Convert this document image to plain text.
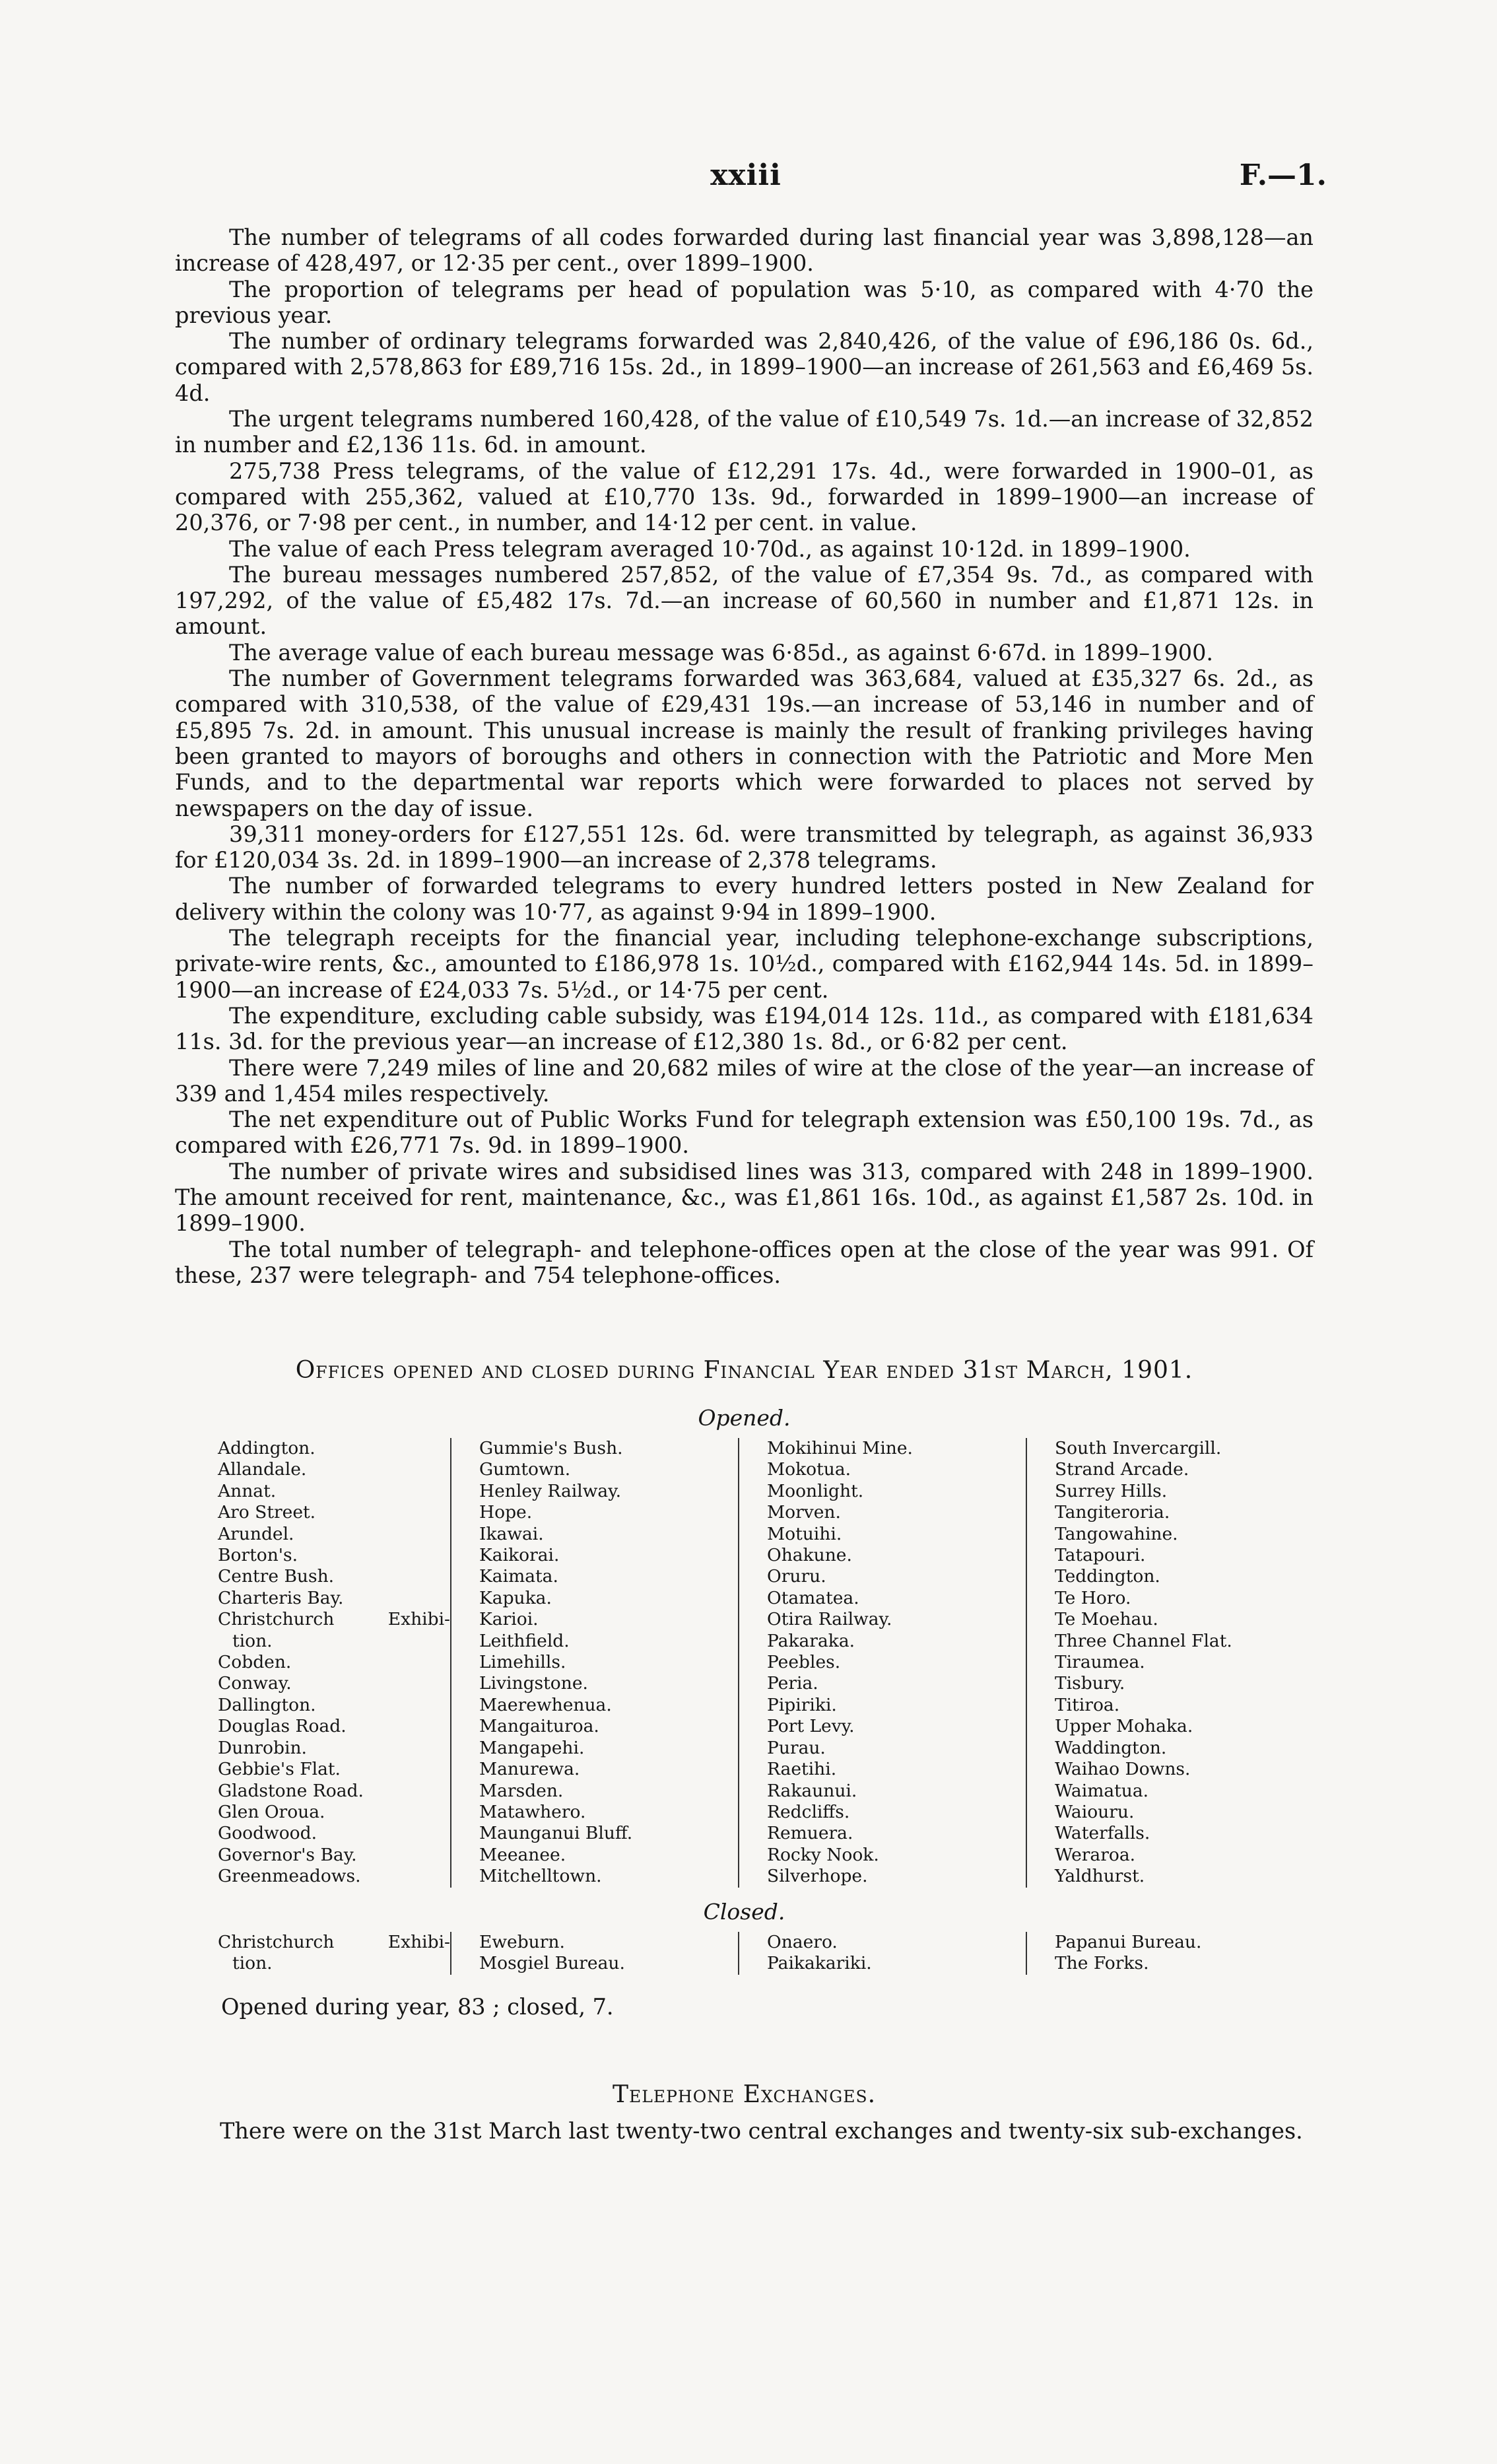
xxiii	F.—1.

The number of telegrams of all codes forwarded during last financial year was 3,898,128—an increase of 428,497, or 12·35 per cent., over 1899–1900.

The proportion of telegrams per head of population was 5·10, as compared with 4·70 the previous year.

The number of ordinary telegrams forwarded was 2,840,426, of the value of £96,186 0s. 6d., compared with 2,578,863 for £89,716 15s. 2d., in 1899–1900—an increase of 261,563 and £6,469 5s. 4d.

The urgent telegrams numbered 160,428, of the value of £10,549 7s. 1d.—an increase of 32,852 in number and £2,136 11s. 6d. in amount.

275,738 Press telegrams, of the value of £12,291 17s. 4d., were forwarded in 1900–01, as compared with 255,362, valued at £10,770 13s. 9d., forwarded in 1899–1900—an increase of 20,376, or 7·98 per cent., in number, and 14·12 per cent. in value.

The value of each Press telegram averaged 10·70d., as against 10·12d. in 1899–1900.

The bureau messages numbered 257,852, of the value of £7,354 9s. 7d., as compared with 197,292, of the value of £5,482 17s. 7d.—an increase of 60,560 in number and £1,871 12s. in amount.

The average value of each bureau message was 6·85d., as against 6·67d. in 1899–1900.

The number of Government telegrams forwarded was 363,684, valued at £35,327 6s. 2d., as compared with 310,538, of the value of £29,431 19s.—an increase of 53,146 in number and of £5,895 7s. 2d. in amount. This unusual increase is mainly the result of franking privileges having been granted to mayors of boroughs and others in connection with the Patriotic and More Men Funds, and to the departmental war reports which were forwarded to places not served by newspapers on the day of issue.

39,311 money-orders for £127,551 12s. 6d. were transmitted by telegraph, as against 36,933 for £120,034 3s. 2d. in 1899–1900—an increase of 2,378 telegrams.

The number of forwarded telegrams to every hundred letters posted in New Zealand for delivery within the colony was 10·77, as against 9·94 in 1899–1900.

The telegraph receipts for the financial year, including telephone-exchange subscriptions, private-wire rents, &c., amounted to £186,978 1s. 10½d., compared with £162,944 14s. 5d. in 1899–1900—an increase of £24,033 7s. 5½d., or 14·75 per cent.

The expenditure, excluding cable subsidy, was £194,014 12s. 11d., as compared with £181,634 11s. 3d. for the previous year—an increase of £12,380 1s. 8d., or 6·82 per cent.

There were 7,249 miles of line and 20,682 miles of wire at the close of the year—an increase of 339 and 1,454 miles respectively.

The net expenditure out of Public Works Fund for telegraph extension was £50,100 19s. 7d., as compared with £26,771 7s. 9d. in 1899–1900.

The number of private wires and subsidised lines was 313, compared with 248 in 1899–1900. The amount received for rent, maintenance, &c., was £1,861 16s. 10d., as against £1,587 2s. 10d. in 1899–1900.

The total number of telegraph- and telephone-offices open at the close of the year was 991. Of these, 237 were telegraph- and 754 telephone-offices.

Offices opened and closed during Financial Year ended 31st March, 1901.
Opened.
Addington.
Allandale.
Annat.
Aro Street.
Arundel.
Borton's.
Centre Bush.
Charteris Bay.
Christchurch Exhibi-
tion.
Cobden.
Conway.
Dallington.
Douglas Road.
Dunrobin.
Gebbie's Flat.
Gladstone Road.
Glen Oroua.
Goodwood.
Governor's Bay.
Greenmeadows.
Gummie's Bush.
Gumtown.
Henley Railway.
Hope.
Ikawai.
Kaikorai.
Kaimata.
Kapuka.
Karioi.
Leithfield.
Limehills.
Livingstone.
Maerewhenua.
Mangaituroa.
Mangapehi.
Manurewa.
Marsden.
Matawhero.
Maunganui Bluff.
Meeanee.
Mitchelltown.
Mokihinui Mine.
Mokotua.
Moonlight.
Morven.
Motuihi.
Ohakune.
Oruru.
Otamatea.
Otira Railway.
Pakaraka.
Peebles.
Peria.
Pipiriki.
Port Levy.
Purau.
Raetihi.
Rakaunui.
Redcliffs.
Remuera.
Rocky Nook.
Silverhope.
South Invercargill.
Strand Arcade.
Surrey Hills.
Tangiteroria.
Tangowahine.
Tatapouri.
Teddington.
Te Horo.
Te Moehau.
Three Channel Flat.
Tiraumea.
Tisbury.
Titiroa.
Upper Mohaka.
Waddington.
Waihao Downs.
Waimatua.
Waiouru.
Waterfalls.
Weraroa.
Yaldhurst.
Closed.
Christchurch Exhibi-
tion.
Eweburn.
Mosgiel Bureau.
Onaero.
Paikakariki.
Papanui Bureau.
The Forks.
Opened during year, 83 ; closed, 7.
Telephone Exchanges.

There were on the 31st March last twenty-two central exchanges and twenty-six sub-exchanges.
